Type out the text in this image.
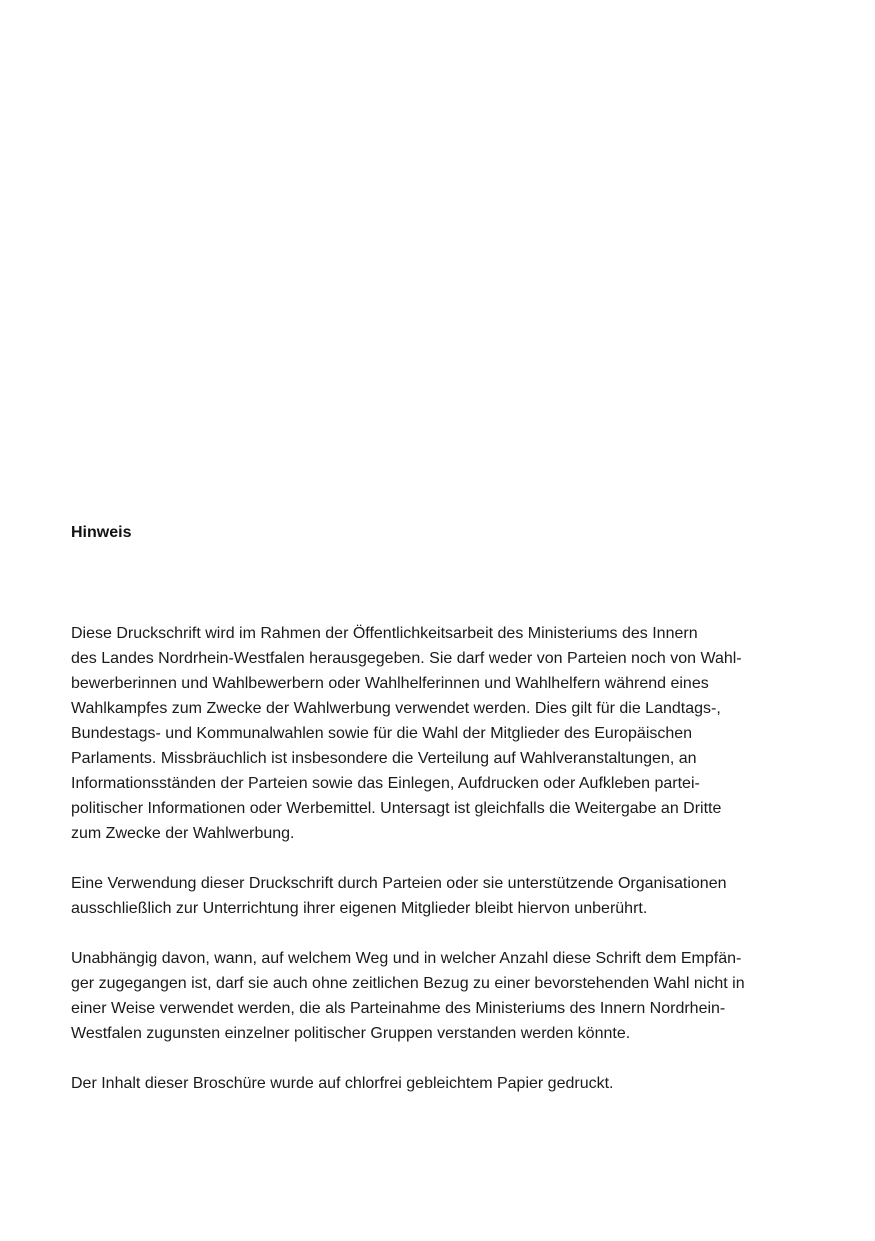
Hinweis

Diese Druckschrift wird im Rahmen der Öffentlichkeitsarbeit des Ministeriums des Innern
des Landes Nordrhein-Westfalen herausgegeben. Sie darf weder von Parteien noch von Wahl-
bewerberinnen und Wahlbewerbern oder Wahlhelferinnen und Wahlhelfern während eines
Wahlkampfes zum Zwecke der Wahlwerbung verwendet werden. Dies gilt für die Landtags-,
Bundestags- und Kommunalwahlen sowie für die Wahl der Mitglieder des Europäischen
Parlaments. Missbräuchlich ist insbesondere die Verteilung auf Wahlveranstaltungen, an
Informationsständen der Parteien sowie das Einlegen, Aufdrucken oder Aufkleben partei-
politischer Informationen oder Werbemittel. Untersagt ist gleichfalls die Weitergabe an Dritte
zum Zwecke der Wahlwerbung.

Eine Verwendung dieser Druckschrift durch Parteien oder sie unterstützende Organisationen
ausschließlich zur Unterrichtung ihrer eigenen Mitglieder bleibt hiervon unberührt.

Unabhängig davon, wann, auf welchem Weg und in welcher Anzahl diese Schrift dem Empfän-
ger zugegangen ist, darf sie auch ohne zeitlichen Bezug zu einer bevorstehenden Wahl nicht in
einer Weise verwendet werden, die als Parteinahme des Ministeriums des Innern Nordrhein-
Westfalen zugunsten einzelner politischer Gruppen verstanden werden könnte.

Der Inhalt dieser Broschüre wurde auf chlorfrei gebleichtem Papier gedruckt.
